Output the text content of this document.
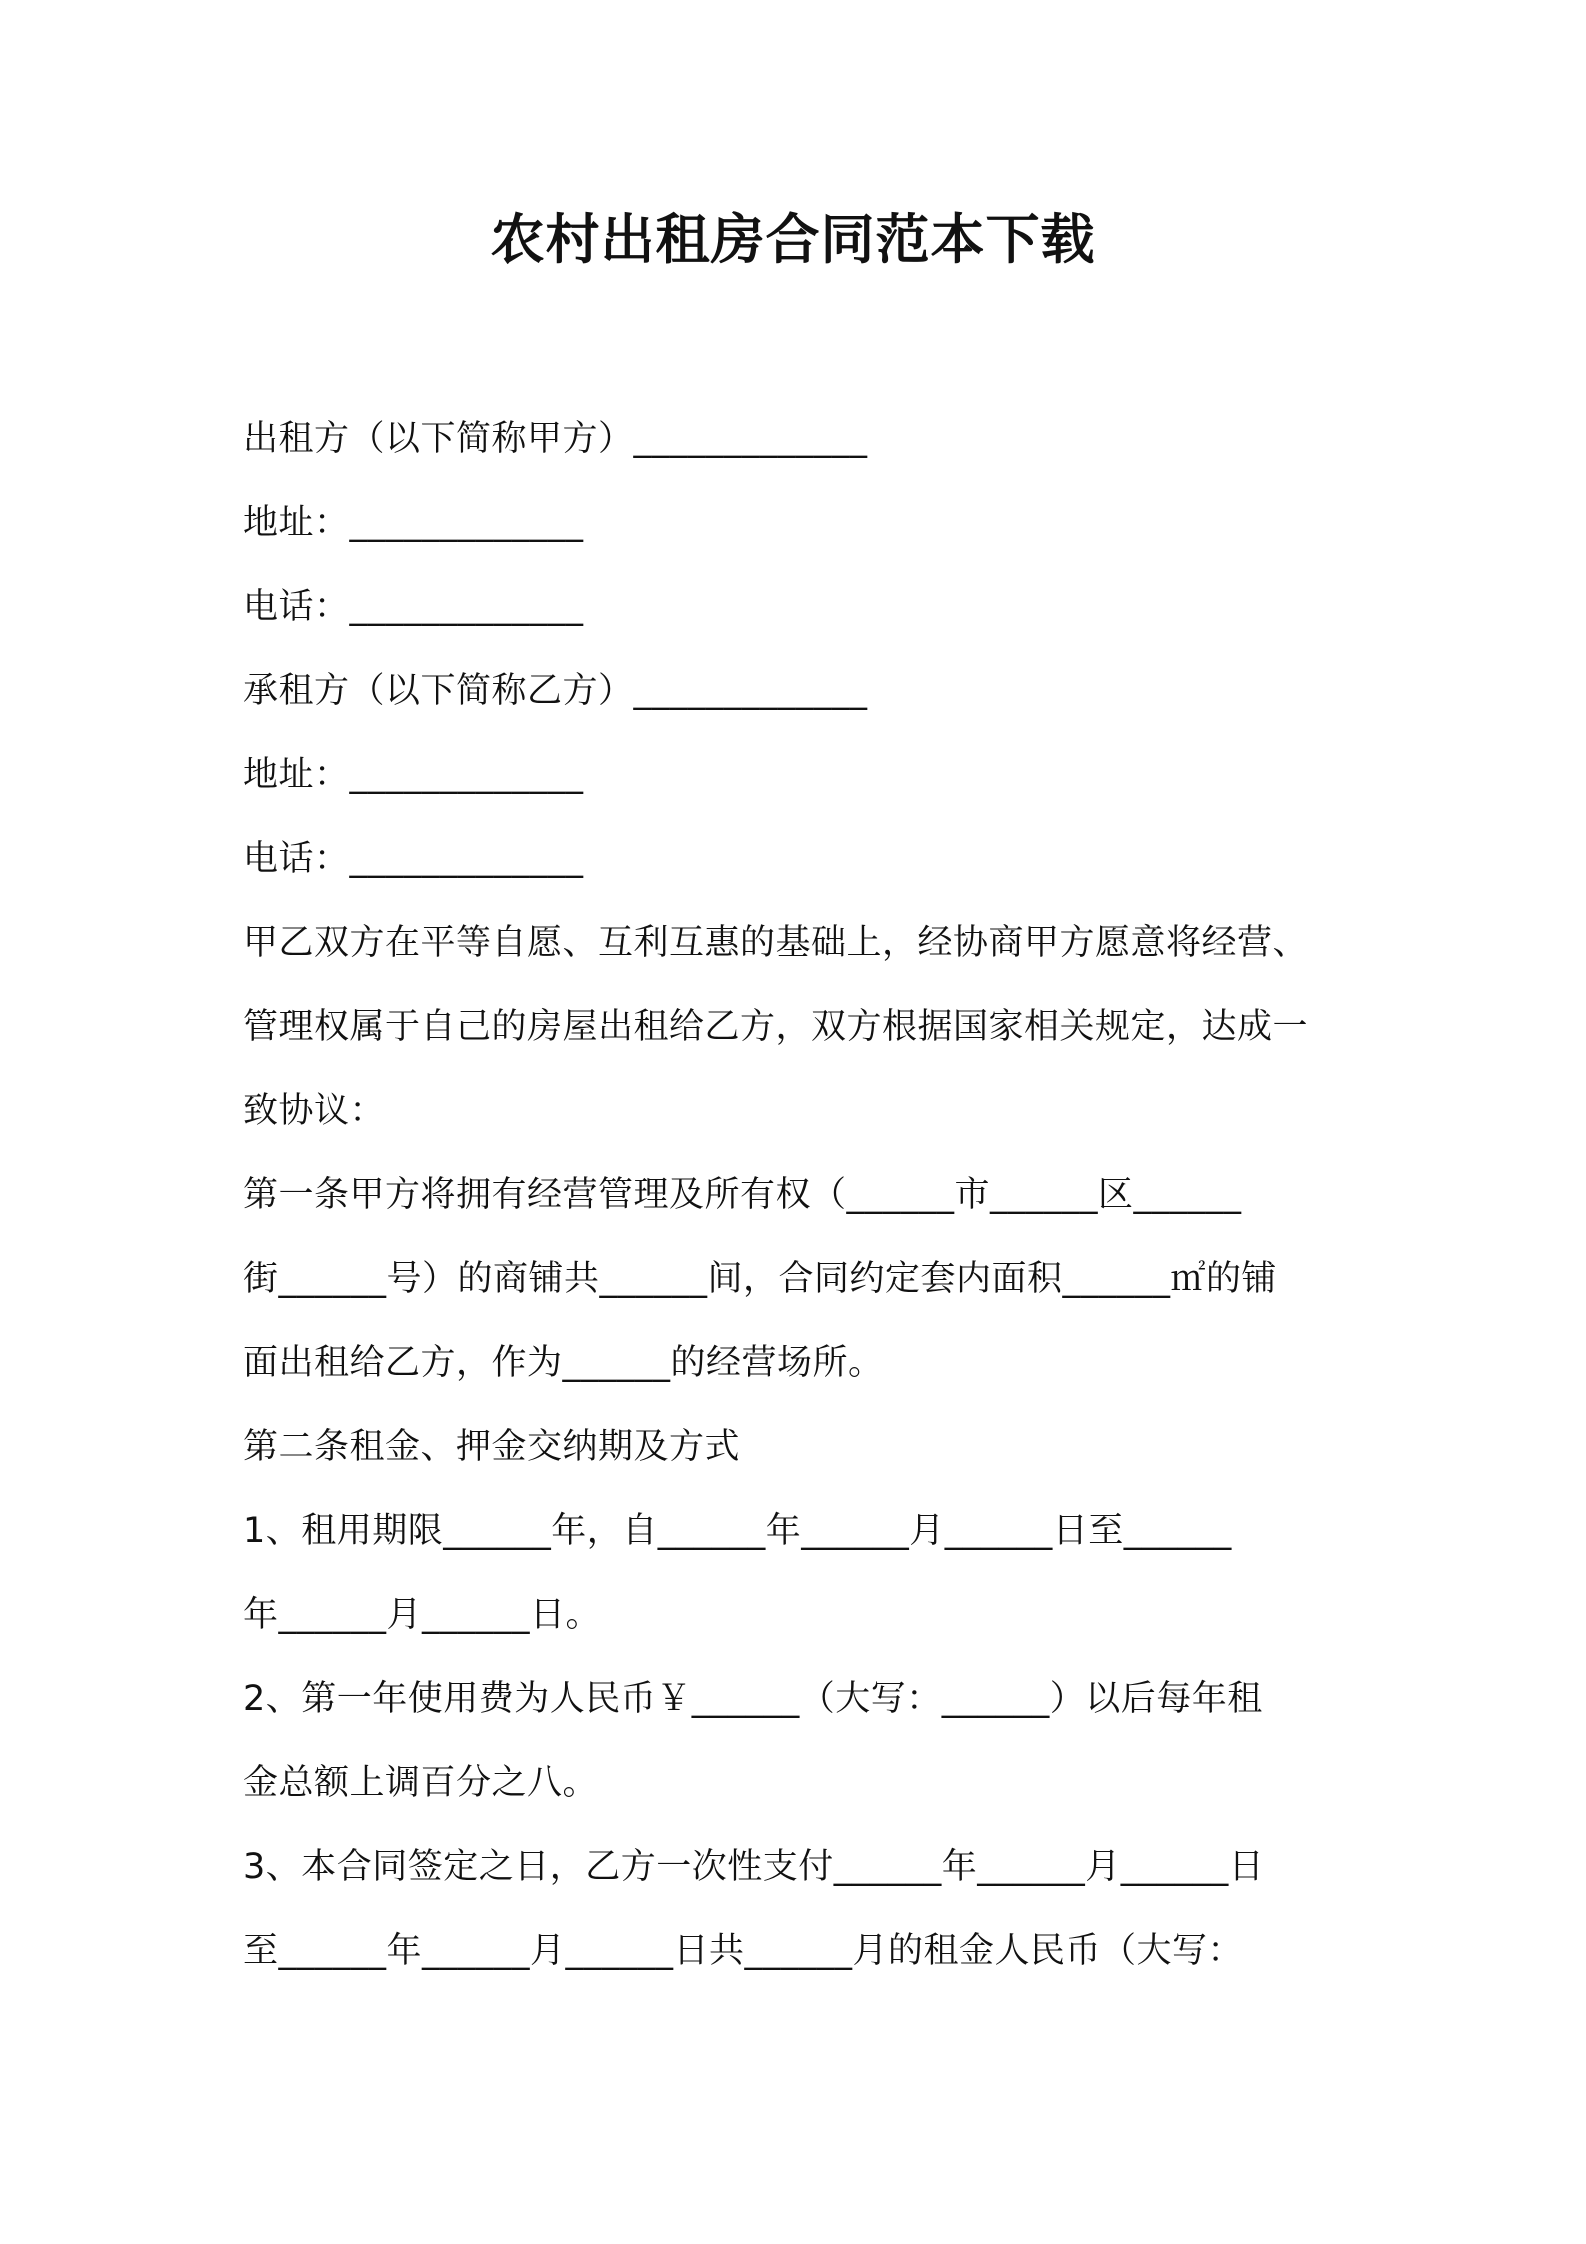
农村出租房合同范本下载
出租方（以下简称甲方）_____________
地址：_____________
电话：_____________
承租方（以下简称乙方）_____________
地址：_____________
电话：_____________
甲乙双方在平等自愿、互利互惠的基础上，经协商甲方愿意将经营、
管理权属于自己的房屋出租给乙方，双方根据国家相关规定，达成一
致协议：
第一条甲方将拥有经营管理及所有权（______市______区______
街______号）的商铺共______间，合同约定套内面积______㎡的铺
面出租给乙方，作为______的经营场所。
第二条租金、押金交纳期及方式
1、租用期限______年，自______年______月______日至______
年______月______日。
2、第一年使用费为人民币￥______（大写：______）以后每年租
金总额上调百分之八。
3、本合同签定之日，乙方一次性支付______年______月______日
至______年______月______日共______月的租金人民币（大写：
